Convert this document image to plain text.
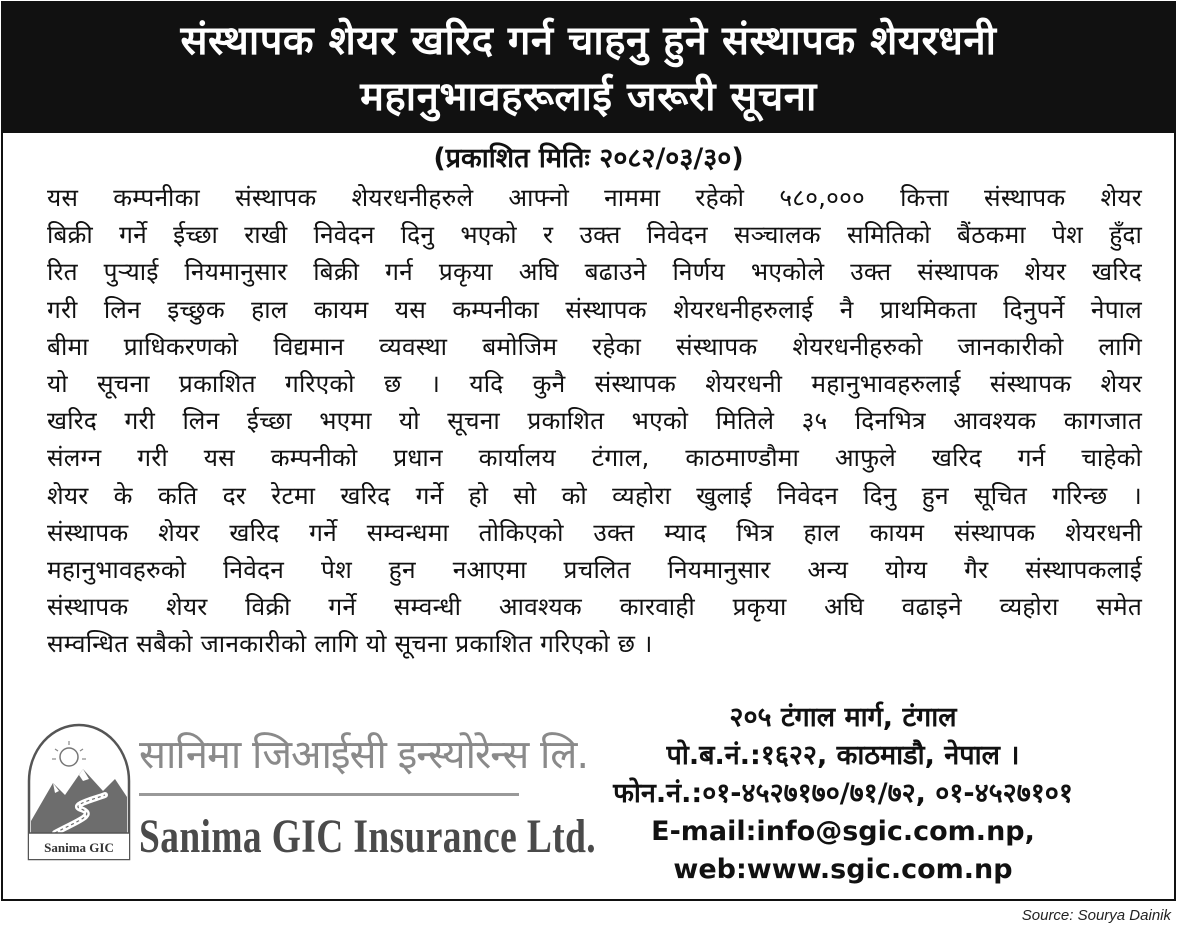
संस्थापक शेयर खरिद गर्न चाहनु हुने संस्थापक शेयरधनी
महानुभावहरूलाई जरूरी सूचना
(प्रकाशित मितिः २०८२/०३/३०)
यस कम्पनीका संस्थापक शेयरधनीहरुले आफ्नो नाममा रहेको ५८०,००० कित्ता संस्थापक शेयर
बिक्री गर्ने ईच्छा राखी निवेदन दिनु भएको र उक्त निवेदन सञ्चालक समितिको बैंठकमा पेश हुँदा
रित पुऱ्याई नियमानुसार बिक्री गर्न प्रकृया अघि बढाउने निर्णय भएकोले उक्त संस्थापक शेयर खरिद
गरी लिन इच्छुक हाल कायम यस कम्पनीका संस्थापक शेयरधनीहरुलाई नै प्राथमिकता दिनुपर्ने नेपाल
बीमा प्राधिकरणको विद्यमान व्यवस्था बमोजिम रहेका संस्थापक शेयरधनीहरुको जानकारीको लागि
यो सूचना प्रकाशित गरिएको छ । यदि कुनै संस्थापक शेयरधनी महानुभावहरुलाई संस्थापक शेयर
खरिद गरी लिन ईच्छा भएमा यो सूचना प्रकाशित भएको मितिले ३५ दिनभित्र आवश्यक कागजात
संलग्न गरी यस कम्पनीको प्रधान कार्यालय टंगाल, काठमाण्डौमा आफुले खरिद गर्न चाहेको
शेयर के कति दर रेटमा खरिद गर्ने हो सो को व्यहोरा खुलाई निवेदन दिनु हुन सूचित गरिन्छ ।
संस्थापक शेयर खरिद गर्ने सम्वन्धमा तोकिएको उक्त म्याद भित्र हाल कायम संस्थापक शेयरधनी
महानुभावहरुको निवेदन पेश हुन नआएमा प्रचलित नियमानुसार अन्य योग्य गैर संस्थापकलाई
संस्थापक शेयर विक्री गर्ने सम्वन्धी आवश्यक कारवाही प्रकृया अघि वढाइने व्यहोरा समेत
सम्वन्धित सबैको जानकारीको लागि यो सूचना प्रकाशित गरिएको छ ।
Sanima GIC
सानिमा जिआईसी इन्स्योरेन्स लि.
Sanima GIC Insurance Ltd.
२०५ टंगाल मार्ग, टंगाल
पो.ब.नं.:१६२२, काठमाडौ, नेपाल ।
फोन.नं.:०१-४५२७१७०/७१/७२, ०१-४५२७१०१
E-mail:info@sgic.com.np,
web:www.sgic.com.np
Source: Sourya Dainik
